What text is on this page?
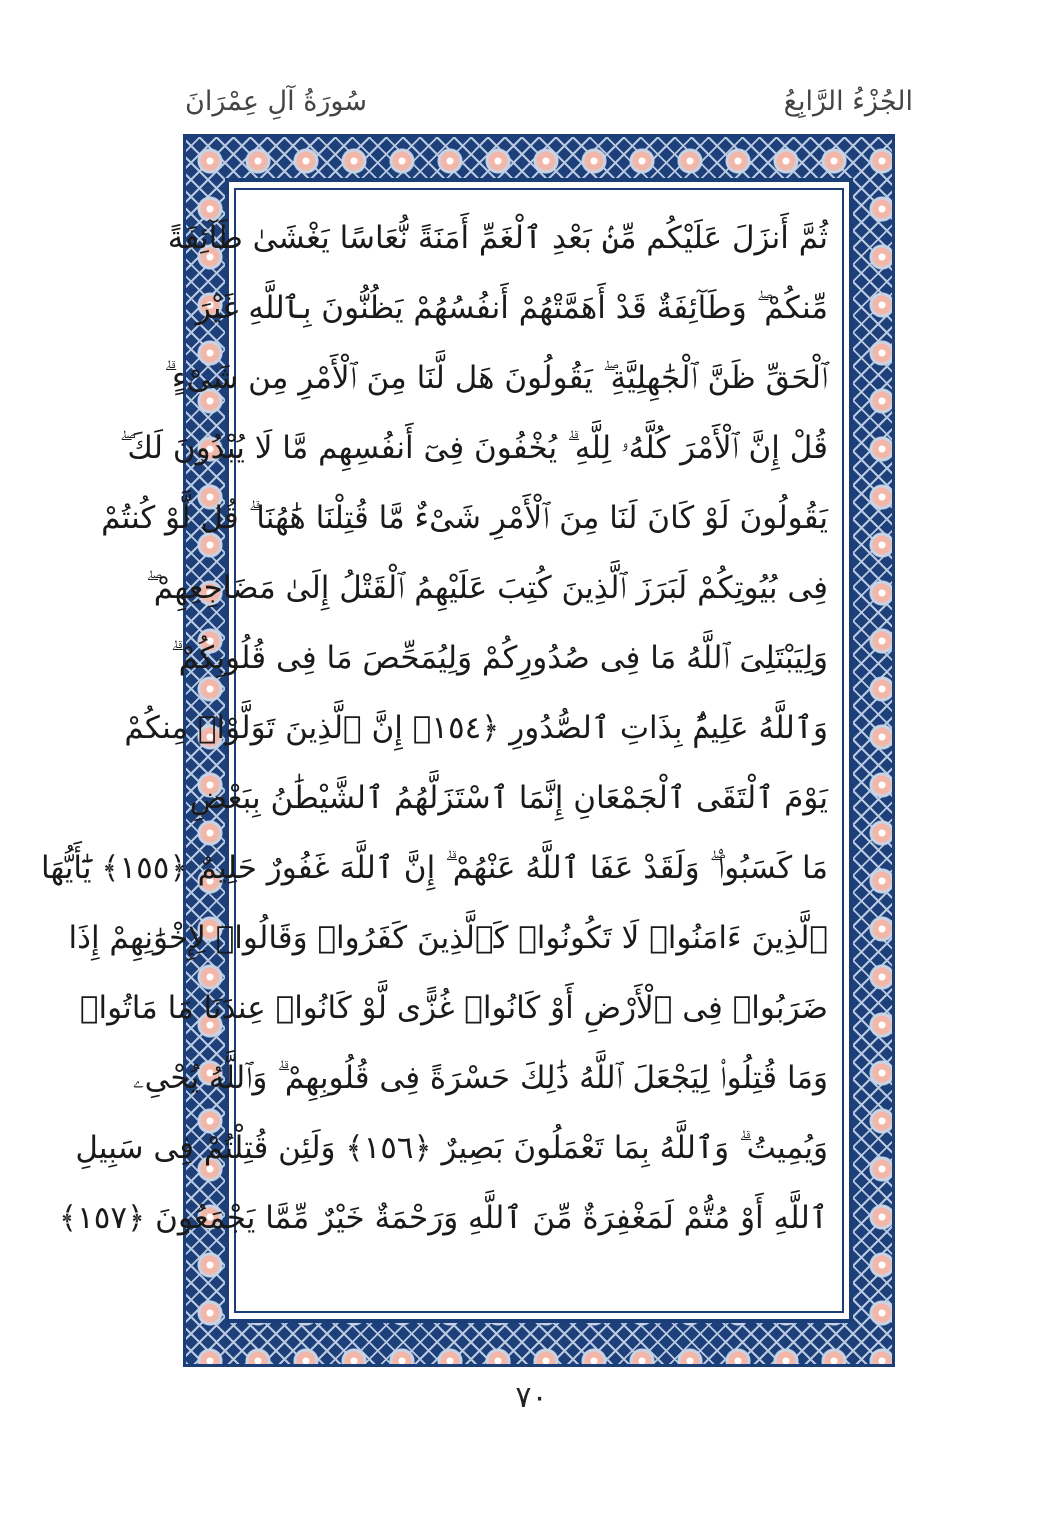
الجُزْءُ الرَّابِعُ
سُورَةُ آلِ عِمْرَانَ
ثُمَّ أَنزَلَ عَلَيْكُم مِّنۢ بَعْدِ ٱلْغَمِّ أَمَنَةً نُّعَاسًا يَغْشَىٰ طَآئِفَةً
مِّنكُمْ ۖ وَطَآئِفَةٌ قَدْ أَهَمَّتْهُمْ أَنفُسُهُمْ يَظُنُّونَ بِٱللَّهِ غَيْرَ
ٱلْحَقِّ ظَنَّ ٱلْجَٰهِلِيَّةِ ۖ يَقُولُونَ هَل لَّنَا مِنَ ٱلْأَمْرِ مِن شَىْءٍ ۗ
قُلْ إِنَّ ٱلْأَمْرَ كُلَّهُۥ لِلَّهِ ۗ يُخْفُونَ فِىٓ أَنفُسِهِم مَّا لَا يُبْدُونَ لَكَ ۖ
يَقُولُونَ لَوْ كَانَ لَنَا مِنَ ٱلْأَمْرِ شَىْءٌ مَّا قُتِلْنَا هَٰهُنَا ۗ قُل لَّوْ كُنتُمْ
فِى بُيُوتِكُمْ لَبَرَزَ ٱلَّذِينَ كُتِبَ عَلَيْهِمُ ٱلْقَتْلُ إِلَىٰ مَضَاجِعِهِمْ ۖ
وَلِيَبْتَلِىَ ٱللَّهُ مَا فِى صُدُورِكُمْ وَلِيُمَحِّصَ مَا فِى قُلُوبِكُمْ ۗ
وَٱللَّهُ عَلِيمٌۢ بِذَاتِ ٱلصُّدُورِ ﴿١٥٤﴾ إِنَّ ٱلَّذِينَ تَوَلَّوْا۟ مِنكُمْ
يَوْمَ ٱلْتَقَى ٱلْجَمْعَانِ إِنَّمَا ٱسْتَزَلَّهُمُ ٱلشَّيْطَٰنُ بِبَعْضِ
مَا كَسَبُوا۟ ۖ وَلَقَدْ عَفَا ٱللَّهُ عَنْهُمْ ۗ إِنَّ ٱللَّهَ غَفُورٌ حَلِيمٌ ﴿١٥٥﴾ يَٰٓأَيُّهَا
ٱلَّذِينَ ءَامَنُوا۟ لَا تَكُونُوا۟ كَٱلَّذِينَ كَفَرُوا۟ وَقَالُوا۟ لِإِخْوَٰنِهِمْ إِذَا
ضَرَبُوا۟ فِى ٱلْأَرْضِ أَوْ كَانُوا۟ غُزًّى لَّوْ كَانُوا۟ عِندَنَا مَا مَاتُوا۟
وَمَا قُتِلُوا۟ لِيَجْعَلَ ٱللَّهُ ذَٰلِكَ حَسْرَةً فِى قُلُوبِهِمْ ۗ وَٱللَّهُ يُحْىِۦ
وَيُمِيتُ ۗ وَٱللَّهُ بِمَا تَعْمَلُونَ بَصِيرٌ ﴿١٥٦﴾ وَلَئِن قُتِلْتُمْ فِى سَبِيلِ
ٱللَّهِ أَوْ مُتُّمْ لَمَغْفِرَةٌ مِّنَ ٱللَّهِ وَرَحْمَةٌ خَيْرٌ مِّمَّا يَجْمَعُونَ ﴿١٥٧﴾
٧٠
